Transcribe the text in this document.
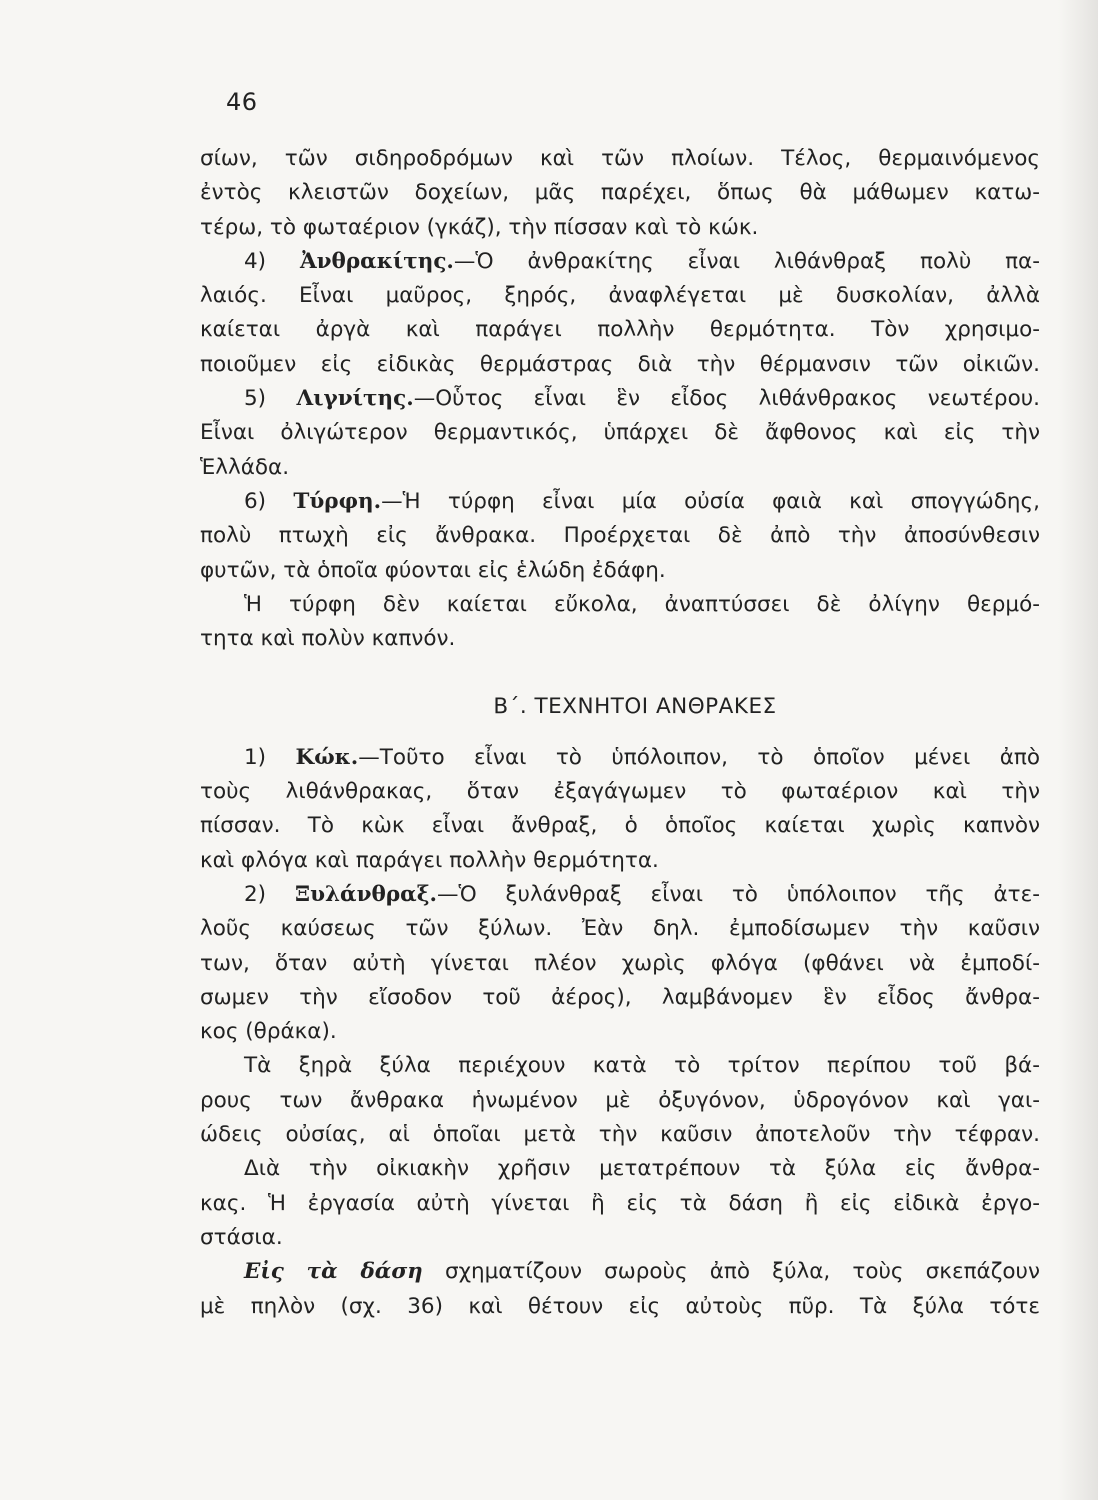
46
σίων, τῶν σιδηροδρόμων καὶ τῶν πλοίων. Τέλος, θερμαινόμενος
ἐντὸς κλειστῶν δοχείων, μᾶς παρέχει, ὅπως θὰ μάθωμεν κατω-
τέρω, τὸ φωταέριον (γκάζ), τὴν πίσσαν καὶ τὸ κώκ.
4) Ἀνθρακίτης.—Ὁ ἀνθρακίτης εἶναι λιθάνθραξ πολὺ πα-
λαιός. Εἶναι μαῦρος, ξηρός, ἀναφλέγεται μὲ δυσκολίαν, ἀλλὰ
καίεται ἀργὰ καὶ παράγει πολλὴν θερμότητα. Τὸν χρησιμο-
ποιοῦμεν εἰς εἰδικὰς θερμάστρας διὰ τὴν θέρμανσιν τῶν οἰκιῶν.
5) Λιγνίτης.—Οὗτος εἶναι ἓν εἶδος λιθάνθρακος νεωτέρου.
Εἶναι ὀλιγώτερον θερμαντικός, ὑπάρχει δὲ ἄφθονος καὶ εἰς τὴν
Ἑλλάδα.
6) Τύρφη.—Ἡ τύρφη εἶναι μία οὐσία φαιὰ καὶ σπογγώδης,
πολὺ πτωχὴ εἰς ἄνθρακα. Προέρχεται δὲ ἀπὸ τὴν ἀποσύνθεσιν
φυτῶν, τὰ ὁποῖα φύονται εἰς ἑλώδη ἐδάφη.
Ἡ τύρφη δὲν καίεται εὔκολα, ἀναπτύσσει δὲ ὀλίγην θερμό-
τητα καὶ πολὺν καπνόν.
Β΄. ΤΕΧΝΗΤΟΙ ΑΝΘΡΑΚΕΣ
1) Κώκ.—Τοῦτο εἶναι τὸ ὑπόλοιπον, τὸ ὁποῖον μένει ἀπὸ
τοὺς λιθάνθρακας, ὅταν ἐξαγάγωμεν τὸ φωταέριον καὶ τὴν
πίσσαν. Τὸ κὼκ εἶναι ἄνθραξ, ὁ ὁποῖος καίεται χωρὶς καπνὸν
καὶ φλόγα καὶ παράγει πολλὴν θερμότητα.
2) Ξυλάνθραξ.—Ὁ ξυλάνθραξ εἶναι τὸ ὑπόλοιπον τῆς ἀτε-
λοῦς καύσεως τῶν ξύλων. Ἐὰν δηλ. ἐμποδίσωμεν τὴν καῦσιν
των, ὅταν αὐτὴ γίνεται πλέον χωρὶς φλόγα (φθάνει νὰ ἐμποδί-
σωμεν τὴν εἴσοδον τοῦ ἀέρος), λαμβάνομεν ἓν εἶδος ἄνθρα-
κος (θράκα).
Τὰ ξηρὰ ξύλα περιέχουν κατὰ τὸ τρίτον περίπου τοῦ βά-
ρους των ἄνθρακα ἡνωμένον μὲ ὀξυγόνον, ὑδρογόνον καὶ γαι-
ώδεις οὐσίας, αἱ ὁποῖαι μετὰ τὴν καῦσιν ἀποτελοῦν τὴν τέφραν.
Διὰ τὴν οἰκιακὴν χρῆσιν μετατρέπουν τὰ ξύλα εἰς ἄνθρα-
κας. Ἡ ἐργασία αὐτὴ γίνεται ἢ εἰς τὰ δάση ἢ εἰς εἰδικὰ ἐργο-
στάσια.
Εἰς τὰ δάση σχηματίζουν σωροὺς ἀπὸ ξύλα, τοὺς σκεπάζουν
μὲ πηλὸν (σχ. 36) καὶ θέτουν εἰς αὐτοὺς πῦρ. Τὰ ξύλα τότε
